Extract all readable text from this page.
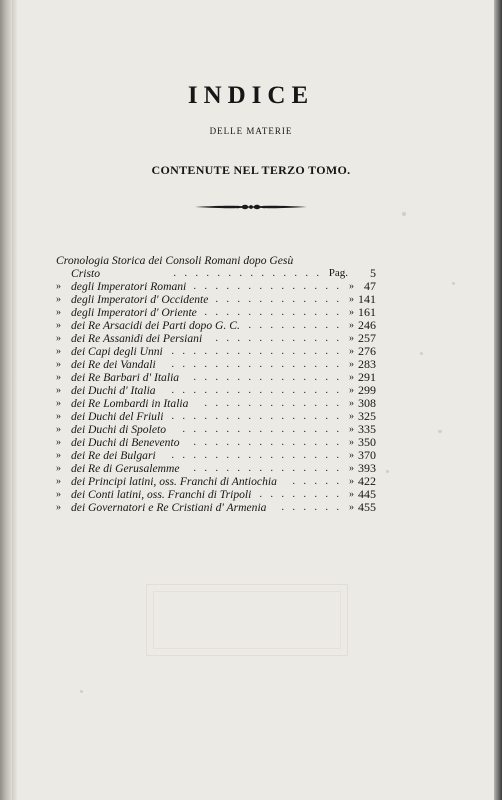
INDICE
DELLE MATERIE
CONTENUTE NEL TERZO TOMO.
Cronologia Storica dei Consoli Romani dopo Gesù
Cristo	. . . . . . . . . . . . . . Pag.	5
» degli Imperatori Romani . . . . . . . . . . . . . . » 47
» degli Imperatori d' Occidente . . . . . . . . . . . . » 141
» degli Imperatori d' Oriente . . . . . . . . . . . . . » 161
» dei Re Arsacidi dei Parti dopo G. C. . . . . . . . . . » 246
» dei Re Assanidi dei Persiani . . . . . . . . . . . . » 257
» dei Capi degli Unni . . . . . . . . . . . . . . . . » 276
» dei Re dei Vandali . . . . . . . . . . . . . . . . » 283
» dei Re Barbari d' Italia . . . . . . . . . . . . . . » 291
» dei Duchi d' Italia . . . . . . . . . . . . . . . . » 299
» dei Re Lombardi in Italia . . . . . . . . . . . . . » 308
» dei Duchi del Friuli . . . . . . . . . . . . . . . . » 325
» dei Duchi di Spoleto . . . . . . . . . . . . . . . » 335
» dei Duchi di Benevento . . . . . . . . . . . . . . » 350
» dei Re dei Bulgari . . . . . . . . . . . . . . . . » 370
» dei Re di Gerusalemme . . . . . . . . . . . . . . » 393
» dei Principi latini, oss. Franchi di Antiochia . . . . . » 422
» dei Conti latini, oss. Franchi di Tripoli . . . . . . . . » 445
» dei Governatori e Re Cristiani d' Armenia . . . . . . » 455
